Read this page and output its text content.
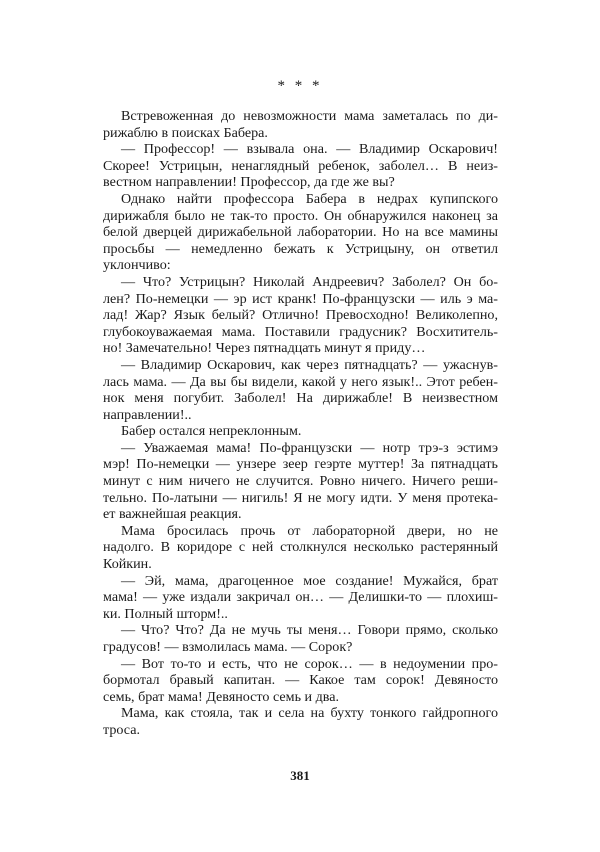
* * *
Встревоженная до невозможности мама заметалась по ди-
рижаблю в поисках Бабера.
— Профессор! — взывала она. — Владимир Оскарович!
Скорее! Устрицын, ненаглядный ребенок, заболел… В неиз-
вестном направлении! Профессор, да где же вы?
Однако найти профессора Бабера в недрах купипского
дирижабля было не так-то просто. Он обнаружился наконец за
белой дверцей дирижабельной лаборатории. Но на все мамины
просьбы — немедленно бежать к Устрицыну, он ответил
уклончиво:
— Что? Устрицын? Николай Андреевич? Заболел? Он бо-
лен? По-немецки — эр ист кранк! По-французски — иль э ма-
лад! Жар? Язык белый? Отлично! Превосходно! Великолепно,
глубокоуважаемая мама. Поставили градусник? Восхититель-
но! Замечательно! Через пятнадцать минут я приду…
— Владимир Оскарович, как через пятнадцать? — ужаснув-
лась мама. — Да вы бы видели, какой у него язык!.. Этот ребен-
нок меня погубит. Заболел! На дирижабле! В неизвестном
направлении!..
Бабер остался непреклонным.
— Уважаемая мама! По-французски — нотр трэ-з эстимэ
мэр! По-немецки — унзере зеер геэрте муттер! За пятнадцать
минут с ним ничего не случится. Ровно ничего. Ничего реши-
тельно. По-латыни — нигиль! Я не могу идти. У меня протека-
ет важнейшая реакция.
Мама бросилась прочь от лабораторной двери, но не
надолго. В коридоре с ней столкнулся несколько растерянный
Койкин.
— Эй, мама, драгоценное мое создание! Мужайся, брат
мама! — уже издали закричал он… — Делишки-то — плохиш-
ки. Полный шторм!..
— Что? Что? Да не мучь ты меня… Говори прямо, сколько
градусов! — взмолилась мама. — Сорок?
— Вот то-то и есть, что не сорок… — в недоумении про-
бормотал бравый капитан. — Какое там сорок! Девяносто
семь, брат мама! Девяносто семь и два.
Мама, как стояла, так и села на бухту тонкого гайдропного
троса.
381
